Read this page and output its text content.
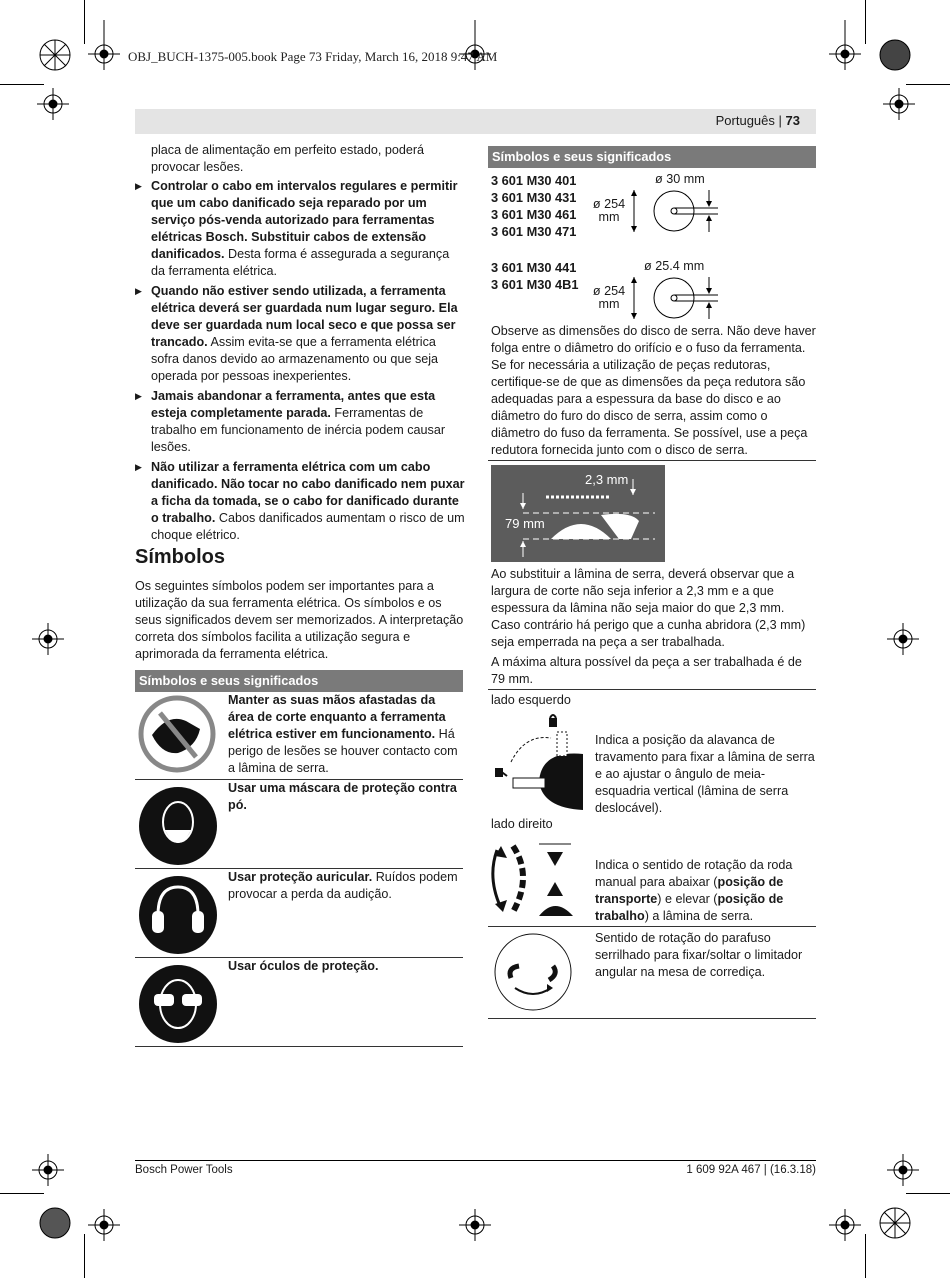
OBJ_BUCH-1375-005.book Page 73 Friday, March 16, 2018 9:47 AM
Português | 73

placa de alimentação em perfeito estado, poderá provocar lesões.

▶ Controlar o cabo em intervalos regulares e permitir que um cabo danificado seja reparado por um serviço pós-venda autorizado para ferramentas elétricas Bosch. Substituir cabos de extensão danificados. Desta forma é assegurada a segurança da ferramenta elétrica.
▶ Quando não estiver sendo utilizada, a ferramenta elétrica deverá ser guardada num lugar seguro. Ela deve ser guardada num local seco e que possa ser trancado. Assim evita-se que a ferramenta elétrica sofra danos devido ao armazenamento ou que seja operada por pessoas inexperientes.
▶ Jamais abandonar a ferramenta, antes que esta esteja completamente parada. Ferramentas de trabalho em funcionamento de inércia podem causar lesões.
▶ Não utilizar a ferramenta elétrica com um cabo danificado. Não tocar no cabo danificado nem puxar a ficha da tomada, se o cabo for danificado durante o trabalho. Cabos danificados aumentam o risco de um choque elétrico.
Símbolos
Os seguintes símbolos podem ser importantes para a utilização da sua ferramenta elétrica. Os símbolos e os seus significados devem ser memorizados. A interpretação correta dos símbolos facilita a utilização segura e aprimorada da ferramenta elétrica.
Símbolos e seus significados
Manter as suas mãos afastadas da área de corte enquanto a ferramenta elétrica estiver em funcionamento. Há perigo de lesões se houver contacto com a lâmina de serra.
Usar uma máscara de proteção contra pó.
Usar proteção auricular. Ruídos podem provocar a perda da audição.
Usar óculos de proteção.
Símbolos e seus significados
3 601 M30 401
3 601 M30 431
3 601 M30 461
3 601 M30 471
ø 30 mm
ø 254
mm
3 601 M30 441
3 601 M30 4B1
ø 25.4 mm
ø 254
mm
Observe as dimensões do disco de serra. Não deve haver folga entre o diâmetro do orifício e o fuso da ferramenta. Se for necessária a utilização de peças redutoras, certifique-se de que as dimensões da peça redutora são adequadas para a espessura da base do disco e ao diâmetro do furo do disco de serra, assim como o diâmetro do fuso da ferramenta. Se possível, use a peça redutora fornecida junto com o disco de serra.
2,3 mm
79 mm
Ao substituir a lâmina de serra, deverá observar que a largura de corte não seja inferior a 2,3 mm e a que espessura da lâmina não seja maior do que 2,3 mm. Caso contrário há perigo que a cunha abridora (2,3 mm) seja emperrada na peça a ser trabalhada.
A máxima altura possível da peça a ser trabalhada é de 79 mm.
lado esquerdo
Indica a posição da alavanca de travamento para fixar a lâmina de serra e ao ajustar o ângulo de meia-esquadria vertical (lâmina de serra deslocável).
lado direito
Indica o sentido de rotação da roda manual para abaixar (posição de transporte) e elevar (posição de trabalho) a lâmina de serra.
Sentido de rotação do parafuso serrilhado para fixar/soltar o limitador angular na mesa de corrediça.
Bosch Power Tools	1 609 92A 467 | (16.3.18)
